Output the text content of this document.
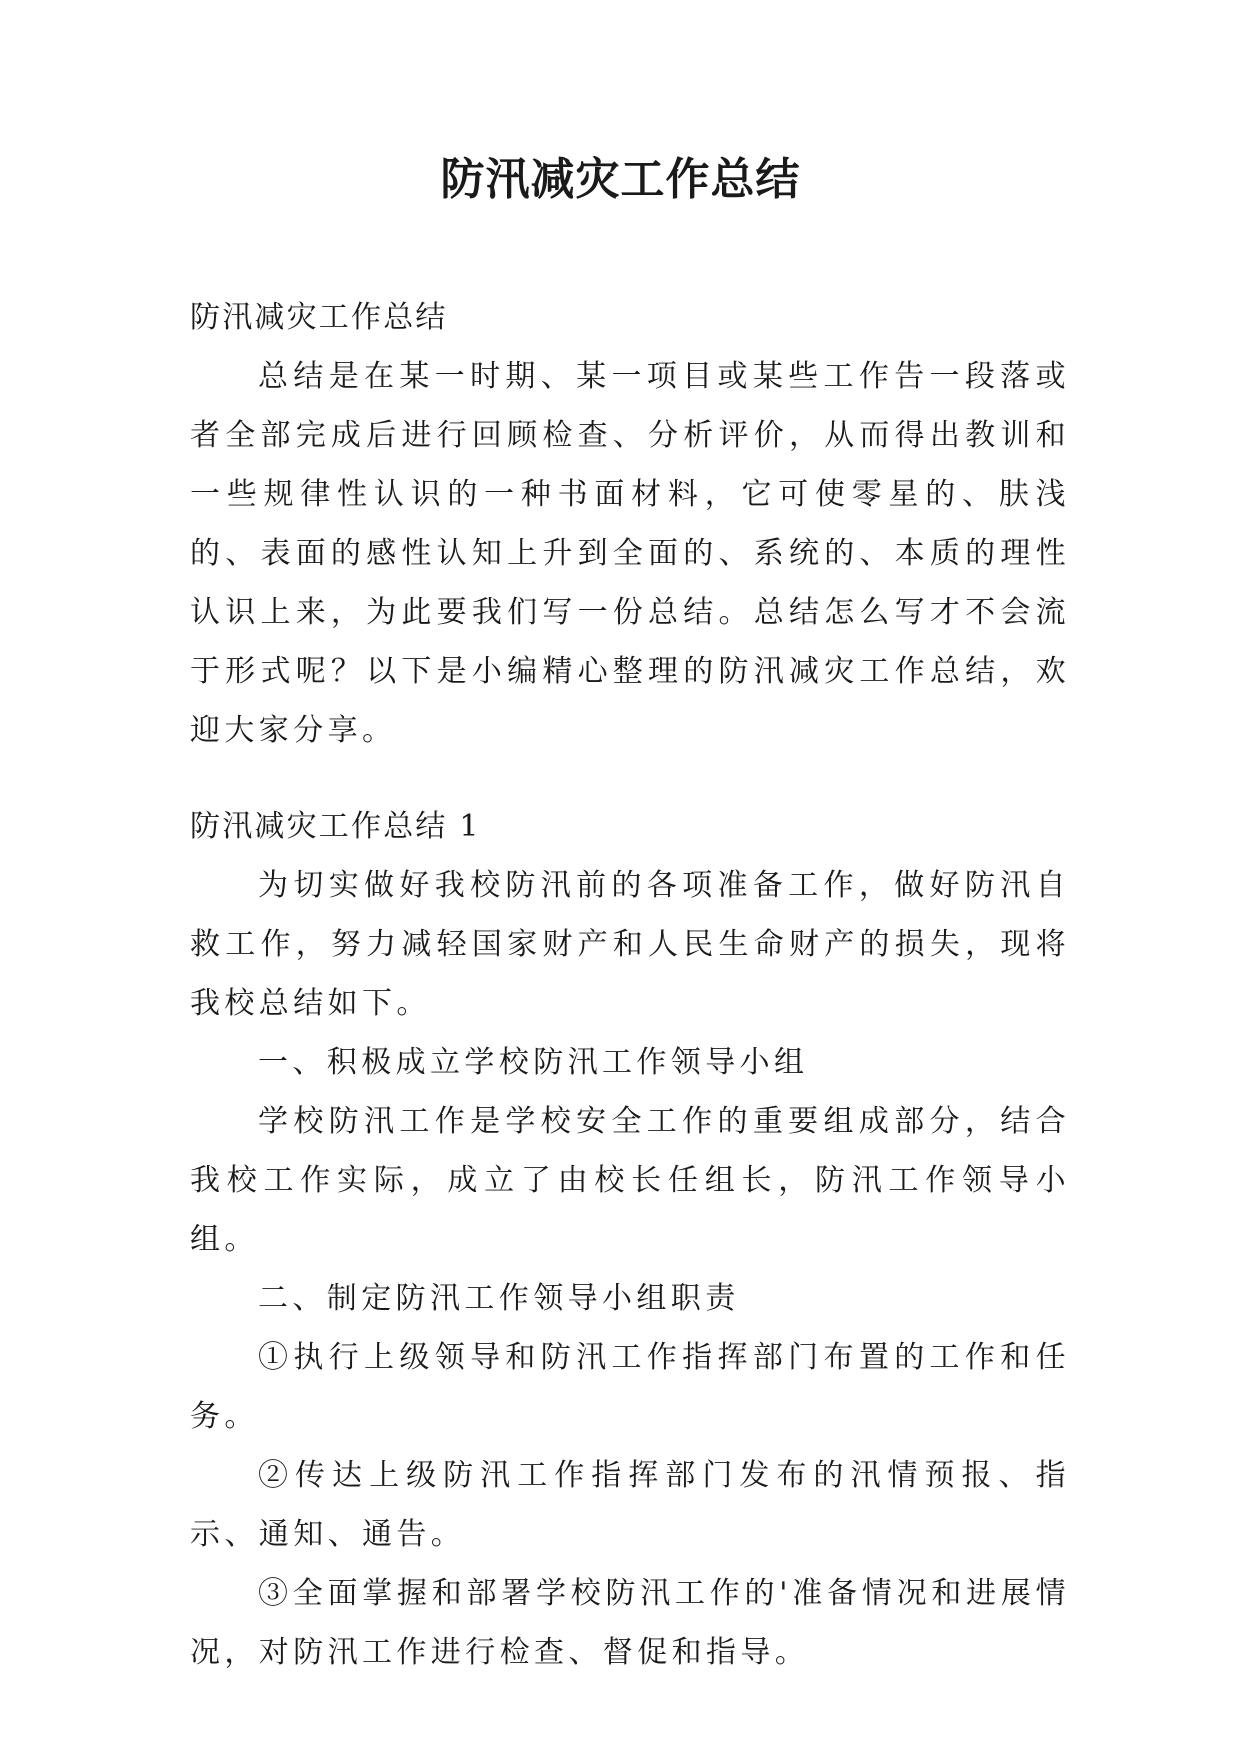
防汛减灾工作总结

防汛减灾工作总结

总结是在某一时期、某一项目或某些工作告一段落或者全部完成后进行回顾检查、分析评价，从而得出教训和一些规律性认识的一种书面材料，它可使零星的、肤浅的、表面的感性认知上升到全面的、系统的、本质的理性认识上来，为此要我们写一份总结。总结怎么写才不会流于形式呢？以下是小编精心整理的防汛减灾工作总结，欢迎大家分享。

防汛减灾工作总结 1

为切实做好我校防汛前的各项准备工作，做好防汛自救工作，努力减轻国家财产和人民生命财产的损失，现将我校总结如下。

一、积极成立学校防汛工作领导小组

学校防汛工作是学校安全工作的重要组成部分，结合我校工作实际，成立了由校长任组长，防汛工作领导小组。

二、制定防汛工作领导小组职责

①执行上级领导和防汛工作指挥部门布置的工作和任务。

②传达上级防汛工作指挥部门发布的汛情预报、指示、通知、通告。

③全面掌握和部署学校防汛工作的'准备情况和进展情况，对防汛工作进行检查、督促和指导。
